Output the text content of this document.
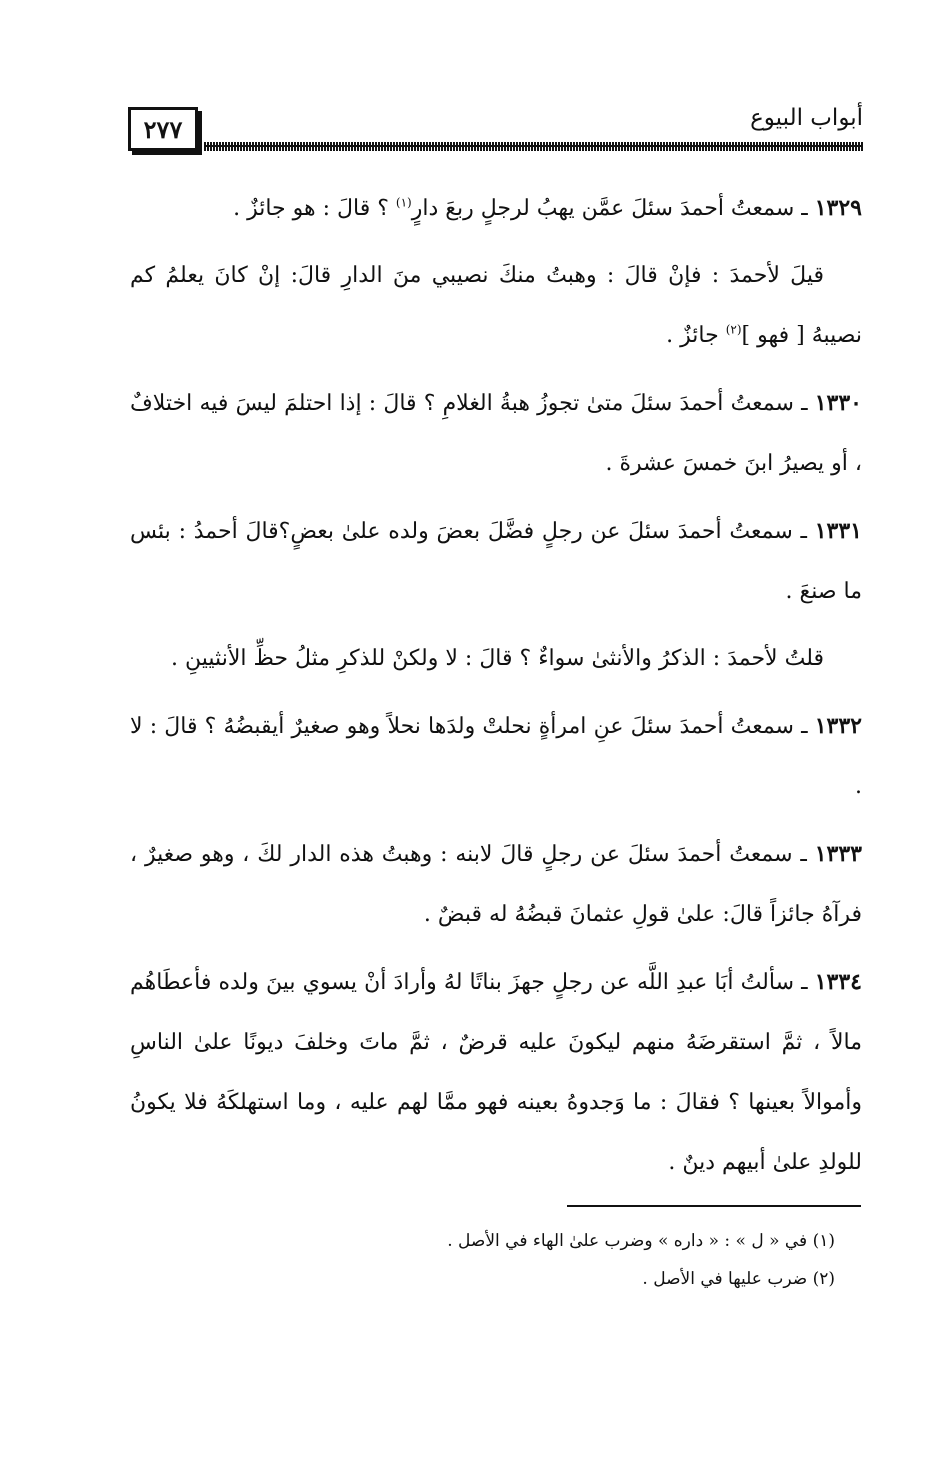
٢٧٧	أبواب البيوع

١٣٢٩ ـ سمعتُ أحمدَ سئلَ عمَّن يهبُ لرجلٍ ربعَ دارٍ$^{(١)}$ ؟ قالَ : هو جائزٌ .

قيلَ لأحمدَ : فإنْ قالَ : وهبتُ منكَ نصيبي منَ الدارِ قالَ: إنْ كانَ يعلمُ كم نصيبهُ [ فهو ]$^{(٢)}$ جائزٌ .

١٣٣٠ ـ سمعتُ أحمدَ سئلَ متىٰ تجوزُ هبةُ الغلامِ ؟ قالَ : إذا احتلمَ ليسَ فيه اختلافٌ ، أو يصيرُ ابنَ خمسَ عشرةَ .

١٣٣١ ـ سمعتُ أحمدَ سئلَ عن رجلٍ فضَّلَ بعضَ ولده علىٰ بعضٍ؟قالَ أحمدُ : بئس ما صنعَ .

قلتُ لأحمدَ : الذكرُ والأنثىٰ سواءٌ ؟ قالَ : لا ولكنْ للذكرِ مثلُ حظِّ الأنثيينِ .

١٣٣٢ ـ سمعتُ أحمدَ سئلَ عنِ امرأةٍ نحلتْ ولدَها نحلاً وهو صغيرٌ أيقبضُهُ ؟ قالَ : لا .

١٣٣٣ ـ سمعتُ أحمدَ سئلَ عن رجلٍ قالَ لابنه : وهبتُ هذه الدار لكَ ، وهو صغيرٌ ، فرآهُ جائزاً قالَ: علىٰ قولِ عثمانَ قبضُهُ له قبضٌ .

١٣٣٤ ـ سألتُ أبَا عبدِ اللَّه عن رجلٍ جهزَ بناتًا لهُ وأرادَ أنْ يسوي بينَ ولده فأعطَاهُم مالاً ، ثمَّ استقرضَهُ منهم ليكونَ عليه قرضٌ ، ثمَّ ماتَ وخلفَ ديونًا علىٰ الناسِ وأموالاً بعينها ؟ فقالَ : ما وَجدوهُ بعينه فهو ممَّا لهم عليه ، وما استهلكَهُ فلا يكونُ للولدِ علىٰ أبيهم دينٌ .

(١) في « ل » : « داره » وضرب علىٰ الهاء في الأصل .

(٢) ضرب عليها في الأصل .
